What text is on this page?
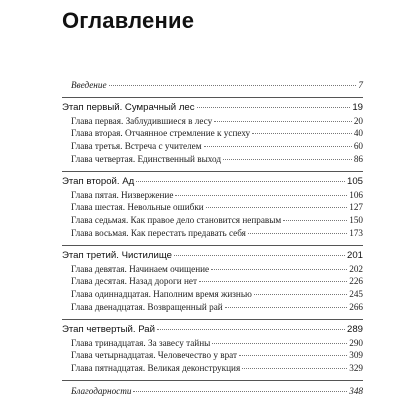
Оглавление
Введение	7
Этап первый. Сумрачный лес	19
Глава первая. Заблудившиеся в лесу	20
Глава вторая. Отчаянное стремление к успеху	40
Глава третья. Встреча с учителем	60
Глава четвертая. Единственный выход	86
Этап второй. Ад	105
Глава пятая. Низвержение	106
Глава шестая. Невольные ошибки	127
Глава седьмая. Как правое дело становится неправым	150
Глава восьмая. Как перестать предавать себя	173
Этап третий. Чистилище	201
Глава девятая. Начинаем очищение	202
Глава десятая. Назад дороги нет	226
Глава одиннадцатая. Наполним время жизнью	245
Глава двенадцатая. Возвращенный рай	266
Этап четвертый. Рай	289
Глава тринадцатая. За завесу тайны	290
Глава четырнадцатая. Человечество у врат	309
Глава пятнадцатая. Великая деконструкция	329
Благодарности	348
